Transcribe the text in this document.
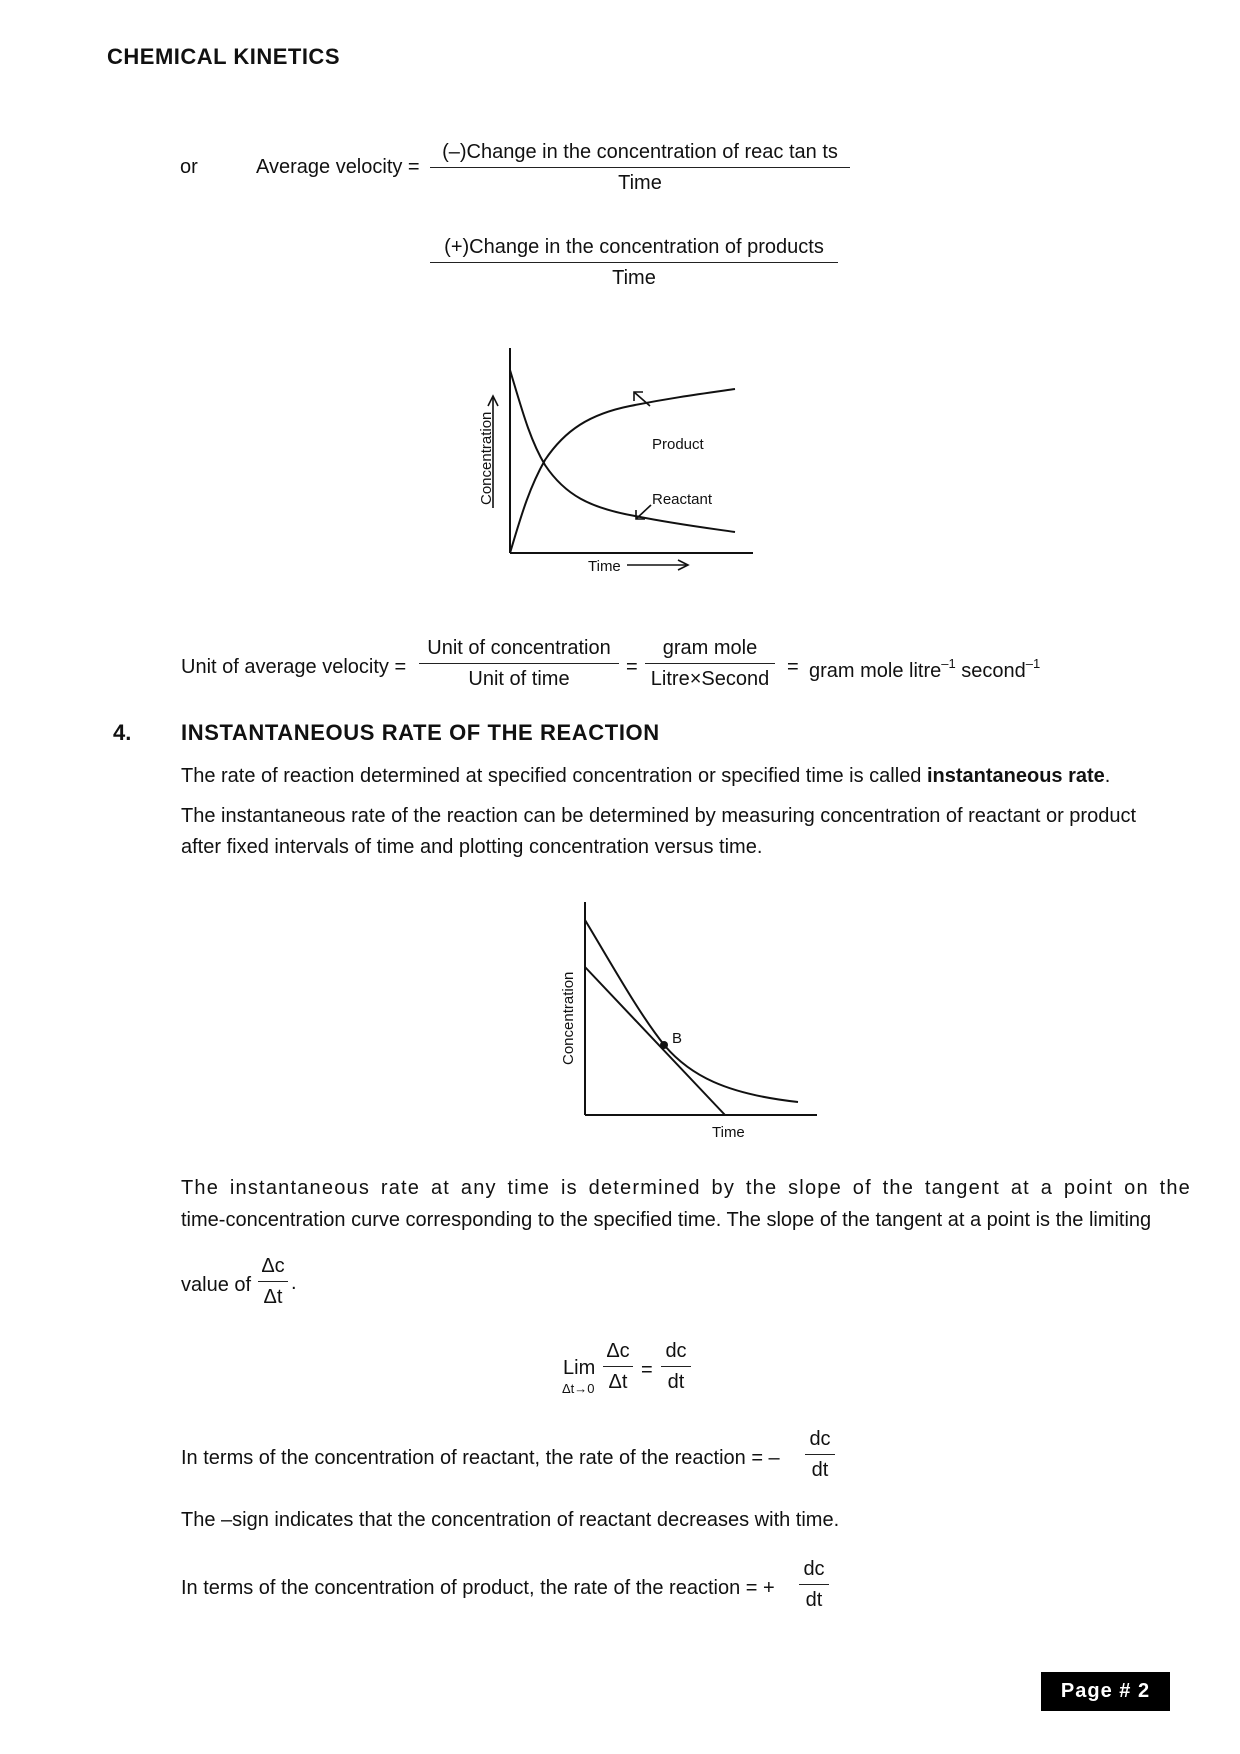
CHEMICAL KINETICS
or	Average velocity =
(–)Change in the concentration of reac tan ts
Time
(+)Change in the concentration of products
Time
Concentration
Time
Product
Reactant
Unit of average velocity =
Unit of concentration
Unit of time
=
gram mole
Litre×Second
= gram mole litre$^{-1}$ second$^{-1}$
4. INSTANTANEOUS RATE OF THE REACTION
The rate of reaction determined at specified concentration or specified time is called instantaneous rate.
The instantaneous rate of the reaction can be determined by measuring concentration of reactant or product
after fixed intervals of time and plotting concentration versus time.
B
Concentration
Time
The instantaneous rate at any time is determined by the slope of the tangent at a point on the
time-concentration curve corresponding to the specified time. The slope of the tangent at a point is the limiting
value of
Δc
Δt
.
Lim
Δt→0
Δc
Δt
=
dc
dt
In terms of the concentration of reactant, the rate of the reaction = –
dc
dt
The –sign indicates that the concentration of reactant decreases with time.
In terms of the concentration of product, the rate of the reaction = +
dc
dt
Page # 2
